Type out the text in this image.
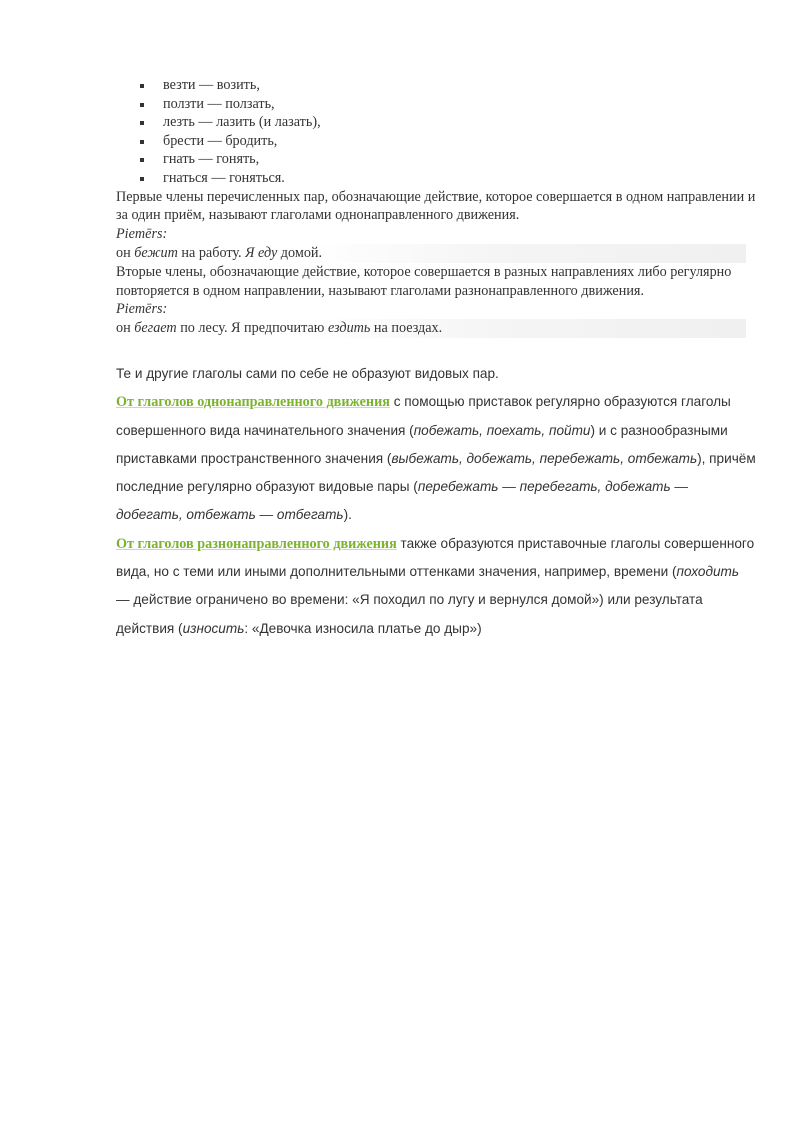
везти — возить,
ползти — ползать,
лезть — лазить (и лазать),
брести — бродить,
гнать — гонять,
гнаться — гоняться.

Первые члены перечисленных пар, обозначающие действие, которое совершается в одном направлении и за один приём, называют глаголами однонаправленного движения.

Piemērs:

он бежит на работу. Я еду домой.

Вторые члены, обозначающие действие, которое совершается в разных направлениях либо регулярно повторяется в одном направлении, называют глаголами разнонаправленного движения.

Piemērs:

он бегает по лесу. Я предпочитаю ездить на поездах.

Те и другие глаголы сами по себе не образуют видовых пар.

От глаголов однонаправленного движения с помощью приставок регулярно образуются глаголы совершенного вида начинательного значения (побежать, поехать, пойти) и с разнообразными приставками пространственного значения (выбежать, добежать, перебежать, отбежать), причём последние регулярно образуют видовые пары (перебежать — перебегать, добежать — добегать, отбежать — отбегать).

От глаголов разнонаправленного движения также образуются приставочные глаголы совершенного вида, но с теми или иными дополнительными оттенками значения, например, времени (походить — действие ограничено во времени: «Я походил по лугу и вернулся домой») или результата действия (износить: «Девочка износила платье до дыр»)
